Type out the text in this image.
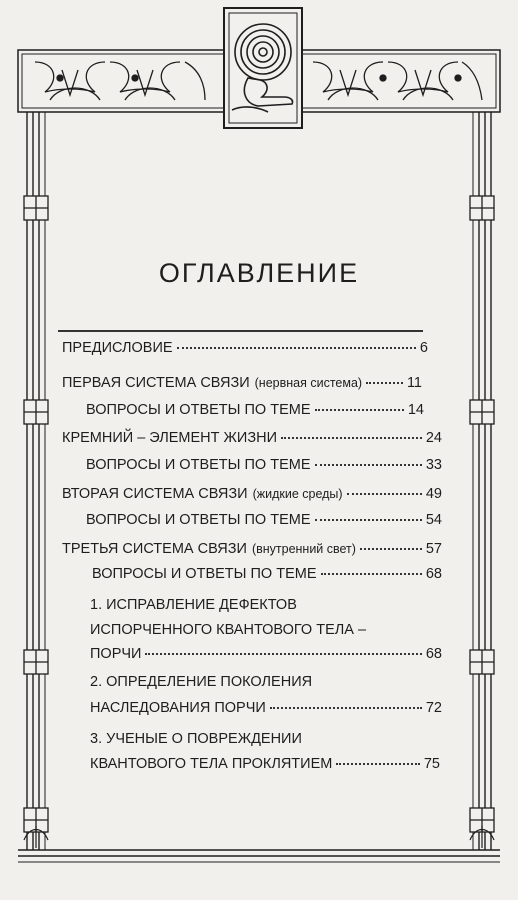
ОГЛАВЛЕНИЕ
ПРЕДИСЛОВИЕ	6
ПЕРВАЯ СИСТЕМА СВЯЗИ (нервная система)	11
ВОПРОСЫ И ОТВЕТЫ ПО ТЕМЕ	14
КРЕМНИЙ – ЭЛЕМЕНТ ЖИЗНИ	24
ВОПРОСЫ И ОТВЕТЫ ПО ТЕМЕ	33
ВТОРАЯ СИСТЕМА СВЯЗИ (жидкие среды)	49
ВОПРОСЫ И ОТВЕТЫ ПО ТЕМЕ	54
ТРЕТЬЯ СИСТЕМА СВЯЗИ (внутренний свет)	57
ВОПРОСЫ И ОТВЕТЫ ПО ТЕМЕ	68
1. ИСПРАВЛЕНИЕ ДЕФЕКТОВ
ИСПОРЧЕННОГО КВАНТОВОГО ТЕЛА –
ПОРЧИ	68
2. ОПРЕДЕЛЕНИЕ ПОКОЛЕНИЯ
НАСЛЕДОВАНИЯ ПОРЧИ	72
3. УЧЕНЫЕ О ПОВРЕЖДЕНИИ
КВАНТОВОГО ТЕЛА ПРОКЛЯТИЕМ	75
